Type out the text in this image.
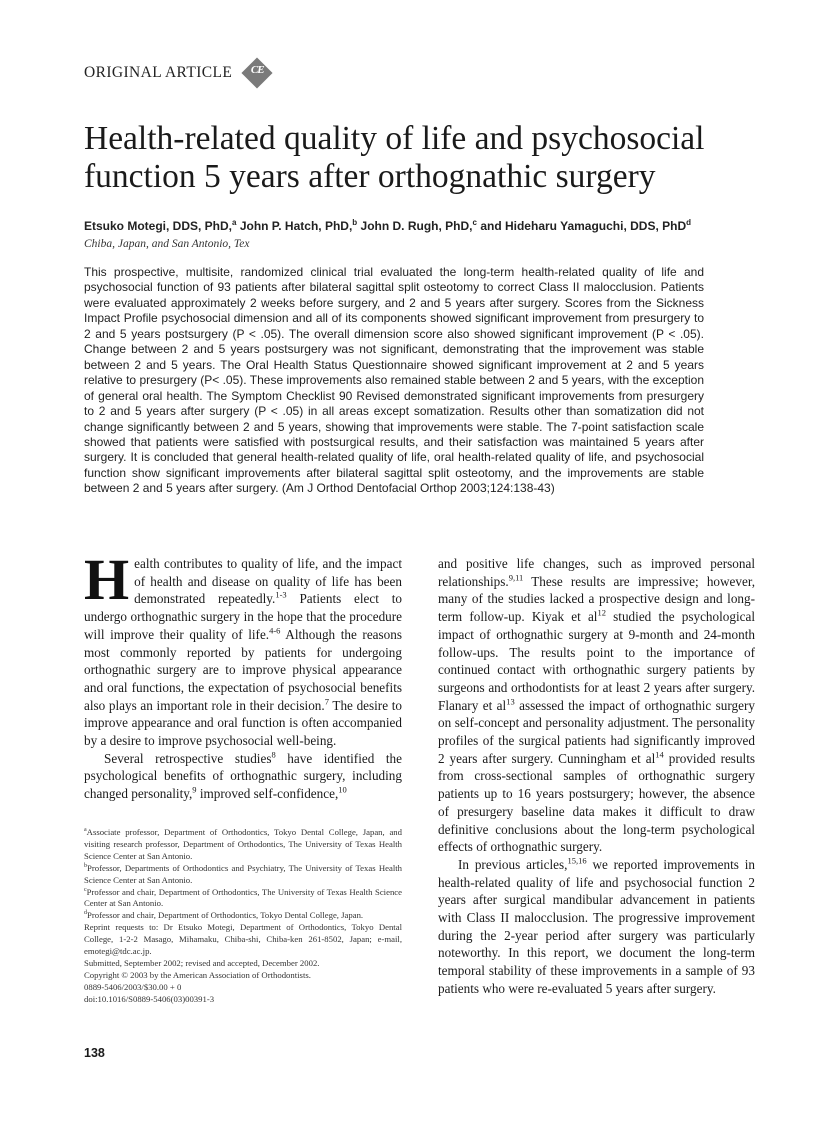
ORIGINAL ARTICLE	CE
Health-related quality of life and psychosocial function 5 years after orthognathic surgery
Etsuko Motegi, DDS, PhD,$^a$ John P. Hatch, PhD,$^b$ John D. Rugh, PhD,$^c$ and Hideharu Yamaguchi, DDS, PhD$^d$
Chiba, Japan, and San Antonio, Tex

This prospective, multisite, randomized clinical trial evaluated the long-term health-related quality of life and psychosocial function of 93 patients after bilateral sagittal split osteotomy to correct Class II malocclusion. Patients were evaluated approximately 2 weeks before surgery, and 2 and 5 years after surgery. Scores from the Sickness Impact Profile psychosocial dimension and all of its components showed significant improvement from presurgery to 2 and 5 years postsurgery (P < .05). The overall dimension score also showed significant improvement (P < .05). Change between 2 and 5 years postsurgery was not significant, demonstrating that the improvement was stable between 2 and 5 years. The Oral Health Status Questionnaire showed significant improvement at 2 and 5 years relative to presurgery (P< .05). These improvements also remained stable between 2 and 5 years, with the exception of general oral health. The Symptom Checklist 90 Revised demonstrated significant improvements from presurgery to 2 and 5 years after surgery (P < .05) in all areas except somatization. Results other than somatization did not change significantly between 2 and 5 years, showing that improvements were stable. The 7-point satisfaction scale showed that patients were satisfied with postsurgical results, and their satisfaction was maintained 5 years after surgery. It is concluded that general health-related quality of life, oral health-related quality of life, and psychosocial function show significant improvements after bilateral sagittal split osteotomy, and the improvements are stable between 2 and 5 years after surgery. (Am J Orthod Dentofacial Orthop 2003;124:138-43)

Health contributes to quality of life, and the impact of health and disease on quality of life has been demonstrated repeatedly.$^{1-3}$ Patients elect to undergo orthognathic surgery in the hope that the procedure will improve their quality of life.$^{4-6}$ Although the reasons most commonly reported by patients for undergoing orthognathic surgery are to improve physical appearance and oral functions, the expectation of psychosocial benefits also plays an important role in their decision.$^7$ The desire to improve appearance and oral function is often accompanied by a desire to improve psychosocial well-being.

Several retrospective studies$^8$ have identified the psychological benefits of orthognathic surgery, including changed personality,$^9$ improved self-confidence,$^{10}$

$^a$Associate professor, Department of Orthodontics, Tokyo Dental College, Japan, and visiting research professor, Department of Orthodontics, The University of Texas Health Science Center at San Antonio.

$^b$Professor, Departments of Orthodontics and Psychiatry, The University of Texas Health Science Center at San Antonio.

$^c$Professor and chair, Department of Orthodontics, The University of Texas Health Science Center at San Antonio.

$^d$Professor and chair, Department of Orthodontics, Tokyo Dental College, Japan.

Reprint requests to: Dr Etsuko Motegi, Department of Orthodontics, Tokyo Dental College, 1-2-2 Masago, Mihamaku, Chiba-shi, Chiba-ken 261-8502, Japan; e-mail, emotegi@tdc.ac.jp.

Submitted, September 2002; revised and accepted, December 2002.

Copyright © 2003 by the American Association of Orthodontists.

0889-5406/2003/$30.00 + 0

doi:10.1016/S0889-5406(03)00391-3

and positive life changes, such as improved personal relationships.$^{9,11}$ These results are impressive; however, many of the studies lacked a prospective design and long-term follow-up. Kiyak et $al^{12}$ studied the psychological impact of orthognathic surgery at 9-month and 24-month follow-ups. The results point to the importance of continued contact with orthognathic surgery patients by surgeons and orthodontists for at least 2 years after surgery. Flanary et $al^{13}$ assessed the impact of orthognathic surgery on self-concept and personality adjustment. The personality profiles of the surgical patients had significantly improved 2 years after surgery. Cunningham et $al^{14}$ provided results from cross-sectional samples of orthognathic surgery patients up to 16 years postsurgery; however, the absence of presurgery baseline data makes it difficult to draw definitive conclusions about the long-term psychological effects of orthognathic surgery.

In previous articles,$^{15,16}$ we reported improvements in health-related quality of life and psychosocial function 2 years after surgical mandibular advancement in patients with Class II malocclusion. The progressive improvement during the 2-year period after surgery was particularly noteworthy. In this report, we document the long-term temporal stability of these improvements in a sample of 93 patients who were re-evaluated 5 years after surgery.

138
